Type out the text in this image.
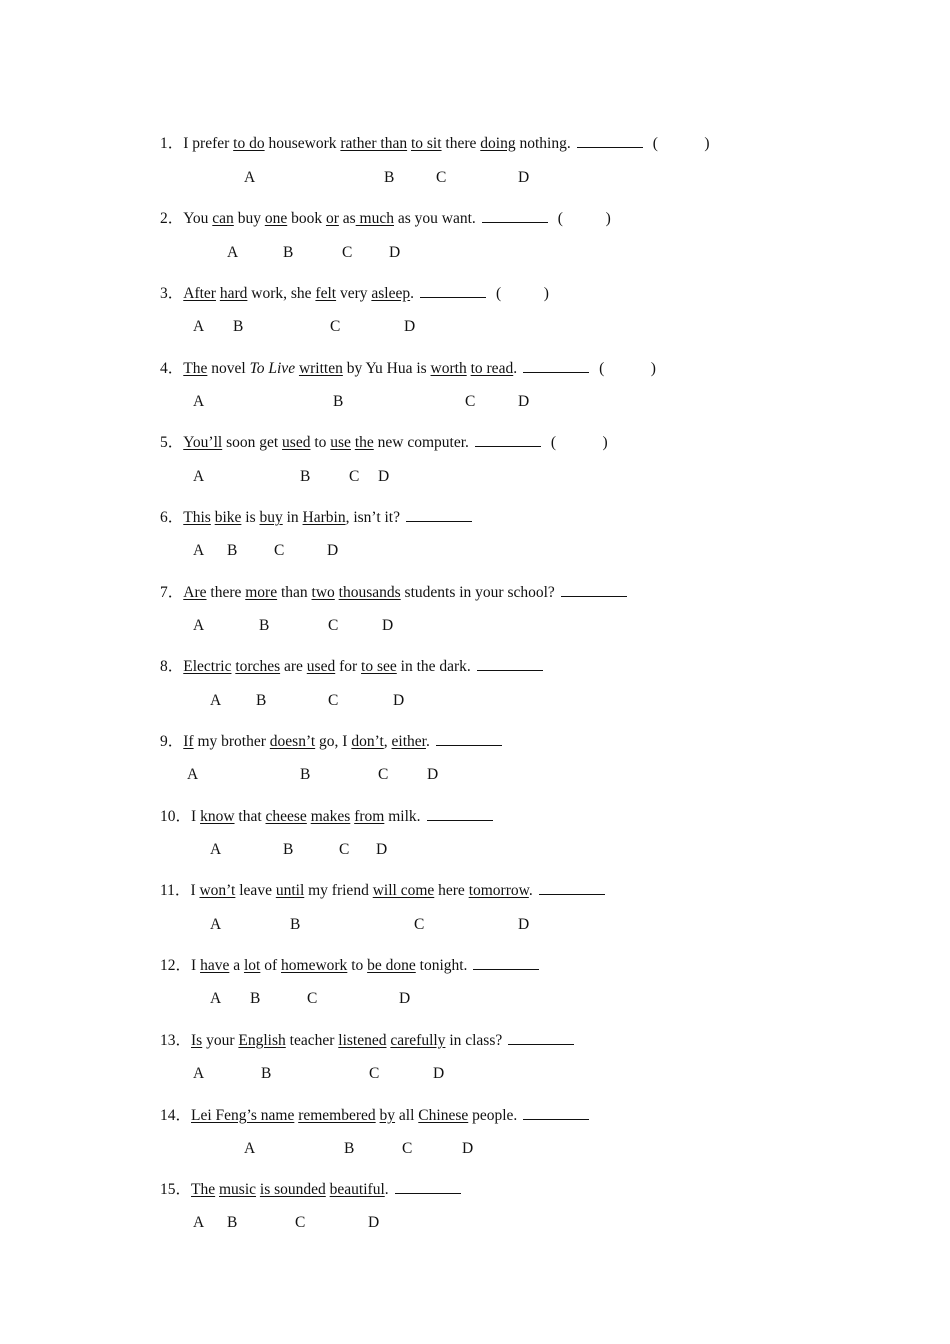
1．I prefer to do housework rather than to sit there doing nothing.	(            )
A	B	C	D
2．You can buy one book or as much as you want.	(           )
A	B	C D
3．After hard work, she felt very asleep.	(           )
A B	C	D
4．The novel To Live written by Yu Hua is worth to read.	(            )
A	B	C	D
5．You’ll soon get used to use the new computer.	(            )
A	B C D
6．This bike is buy in Harbin, isn’t it?
A B C	D
7．Are there more than two thousands students in your school?
A	B	C	D
8．Electric torches are used for to see in the dark.
A B	C	D
9．If my brother doesn’t go, I don’t, either.
A	B	C D
10．I know that cheese makes from milk.
A	B	C D
11．I won’t leave until my friend will come here tomorrow.
A	B	C	D
12．I have a lot of homework to be done tonight.
A B	C	D
13．Is your English teacher listened carefully in class?
A	B	C	D
14．Lei Feng’s name remembered by all Chinese people.
A	B	C	D
15．The music is sounded beautiful.
A B	C	D
